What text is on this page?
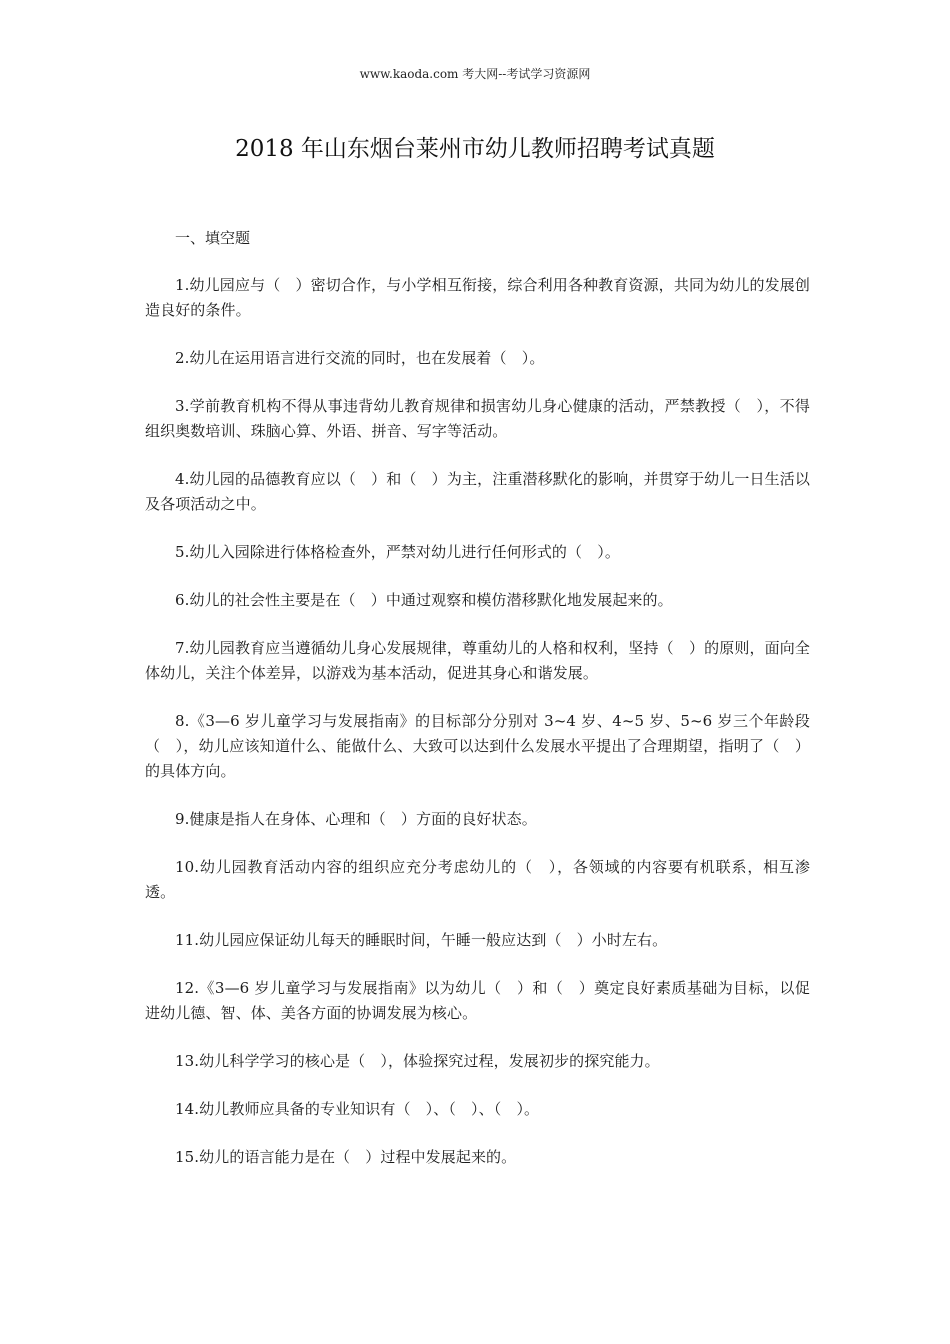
www.kaoda.com 考大网--考试学习资源网
2018 年山东烟台莱州市幼儿教师招聘考试真题

一、填空题

1.幼儿园应与（　）密切合作，与小学相互衔接，综合利用各种教育资源，共同为幼儿的发展创造良好的条件。

2.幼儿在运用语言进行交流的同时，也在发展着（　）。

3.学前教育机构不得从事违背幼儿教育规律和损害幼儿身心健康的活动，严禁教授（　），不得组织奥数培训、珠脑心算、外语、拼音、写字等活动。

4.幼儿园的品德教育应以（　）和（　）为主，注重潜移默化的影响，并贯穿于幼儿一日生活以及各项活动之中。

5.幼儿入园除进行体格检查外，严禁对幼儿进行任何形式的（　）。

6.幼儿的社会性主要是在（　）中通过观察和模仿潜移默化地发展起来的。

7.幼儿园教育应当遵循幼儿身心发展规律，尊重幼儿的人格和权利，坚持（　）的原则，面向全体幼儿，关注个体差异，以游戏为基本活动，促进其身心和谐发展。

8.《3—6 岁儿童学习与发展指南》的目标部分分别对 3~4 岁、4~5 岁、5~6 岁三个年龄段（　），幼儿应该知道什么、能做什么、大致可以达到什么发展水平提出了合理期望，指明了（　）的具体方向。

9.健康是指人在身体、心理和（　）方面的良好状态。

10.幼儿园教育活动内容的组织应充分考虑幼儿的（　），各领域的内容要有机联系，相互渗透。

11.幼儿园应保证幼儿每天的睡眠时间，午睡一般应达到（　）小时左右。

12.《3—6 岁儿童学习与发展指南》以为幼儿（　）和（　）奠定良好素质基础为目标，以促进幼儿德、智、体、美各方面的协调发展为核心。

13.幼儿科学学习的核心是（　），体验探究过程，发展初步的探究能力。

14.幼儿教师应具备的专业知识有（　）、（　）、（　）。

15.幼儿的语言能力是在（　）过程中发展起来的。
